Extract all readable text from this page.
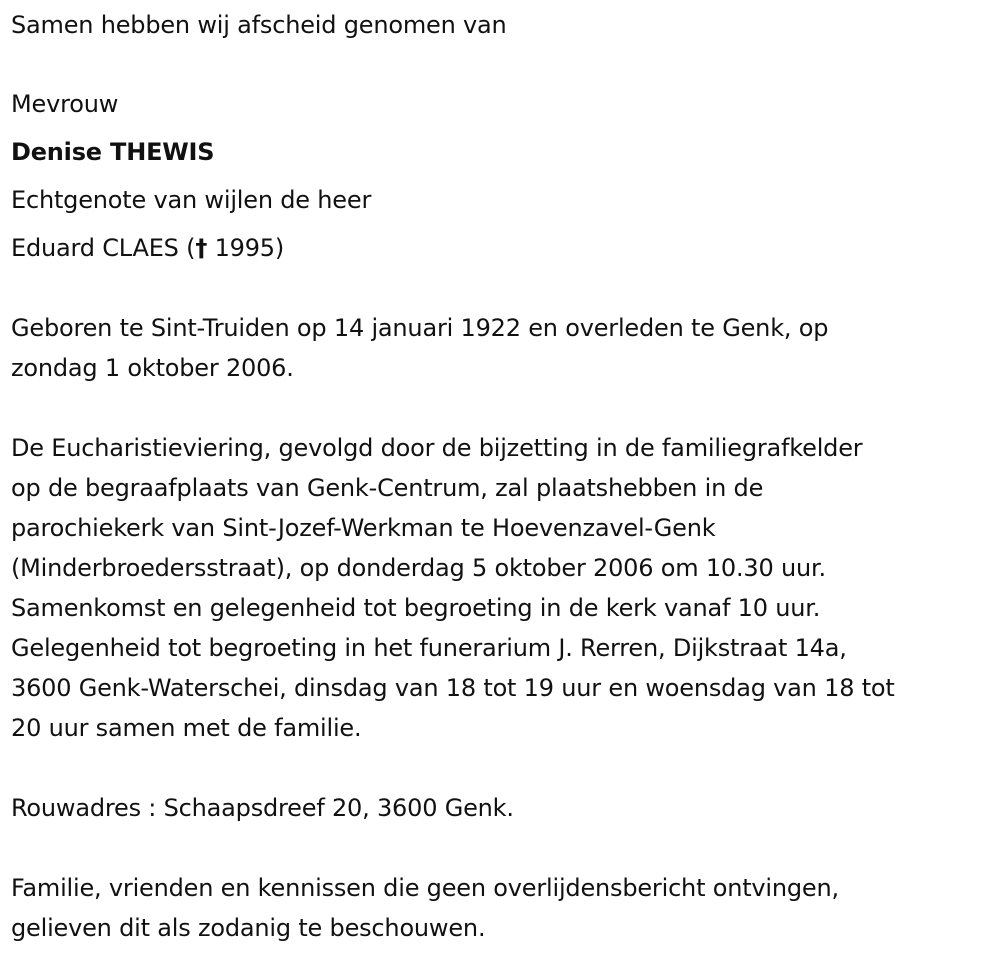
Samen hebben wij afscheid genomen van
Mevrouw
Denise THEWIS
Echtgenote van wijlen de heer
Eduard CLAES († 1995)
Geboren te Sint-Truiden op 14 januari 1922 en overleden te Genk, op
zondag 1 oktober 2006.
De Eucharistieviering, gevolgd door de bijzetting in de familiegrafkelder
op de begraafplaats van Genk-Centrum, zal plaatshebben in de
parochiekerk van Sint-Jozef-Werkman te Hoevenzavel-Genk
(Minderbroedersstraat), op donderdag 5 oktober 2006 om 10.30 uur.
Samenkomst en gelegenheid tot begroeting in de kerk vanaf 10 uur.
Gelegenheid tot begroeting in het funerarium J. Rerren, Dijkstraat 14a,
3600 Genk-Waterschei, dinsdag van 18 tot 19 uur en woensdag van 18 tot
20 uur samen met de familie.
Rouwadres : Schaapsdreef 20, 3600 Genk.
Familie, vrienden en kennissen die geen overlijdensbericht ontvingen,
gelieven dit als zodanig te beschouwen.
